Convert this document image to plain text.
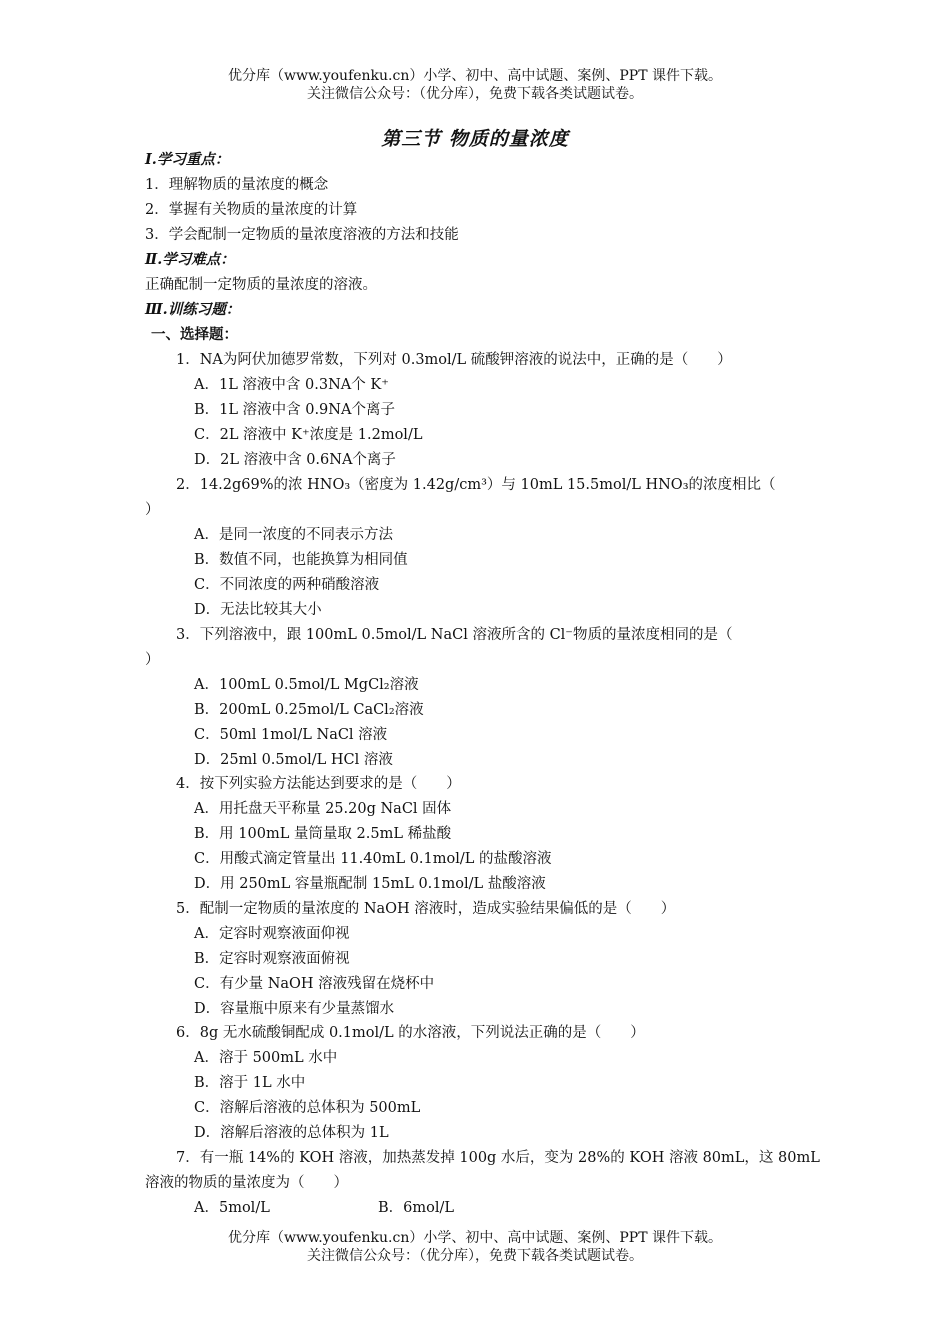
优分库（www.youfenku.cn）小学、初中、高中试题、案例、PPT 课件下载。
关注微信公众号：（优分库），免费下载各类试题试卷。
第三节 物质的量浓度
Ⅰ.学习重点：
1．理解物质的量浓度的概念
2．掌握有关物质的量浓度的计算
3．学会配制一定物质的量浓度溶液的方法和技能
Ⅱ.学习难点：
正确配制一定物质的量浓度的溶液。
Ⅲ.训练习题：
一、选择题：
1．NA为阿伏加德罗常数，下列对 0.3mol/L 硫酸钾溶液的说法中，正确的是（　　）
A．1L 溶液中含 0.3NA个 K⁺
B．1L 溶液中含 0.9NA个离子
C．2L 溶液中 K⁺浓度是 1.2mol/L
D．2L 溶液中含 0.6NA个离子
2．14.2g69%的浓 HNO₃（密度为 1.42g/cm³）与 10mL 15.5mol/L HNO₃的浓度相比（
）
A．是同一浓度的不同表示方法
B．数值不同，也能换算为相同值
C．不同浓度的两种硝酸溶液
D．无法比较其大小
3．下列溶液中，跟 100mL 0.5mol/L NaCl 溶液所含的 Cl⁻物质的量浓度相同的是（
）
A．100mL 0.5mol/L MgCl₂溶液
B．200mL 0.25mol/L CaCl₂溶液
C．50ml 1mol/L NaCl 溶液
D．25ml 0.5mol/L HCl 溶液
4．按下列实验方法能达到要求的是（　　）
A．用托盘天平称量 25.20g NaCl 固体
B．用 100mL 量筒量取 2.5mL 稀盐酸
C．用酸式滴定管量出 11.40mL 0.1mol/L 的盐酸溶液
D．用 250mL 容量瓶配制 15mL 0.1mol/L 盐酸溶液
5．配制一定物质的量浓度的 NaOH 溶液时，造成实验结果偏低的是（　　）
A．定容时观察液面仰视
B．定容时观察液面俯视
C．有少量 NaOH 溶液残留在烧杯中
D．容量瓶中原来有少量蒸馏水
6．8g 无水硫酸铜配成 0.1mol/L 的水溶液，下列说法正确的是（　　）
A．溶于 500mL 水中
B．溶于 1L 水中
C．溶解后溶液的总体积为 500mL
D．溶解后溶液的总体积为 1L
7．有一瓶 14%的 KOH 溶液，加热蒸发掉 100g 水后，变为 28%的 KOH 溶液 80mL，这 80mL
溶液的物质的量浓度为（　　）
A．5mol/L	B．6mol/L
优分库（www.youfenku.cn）小学、初中、高中试题、案例、PPT 课件下载。
关注微信公众号：（优分库），免费下载各类试题试卷。
